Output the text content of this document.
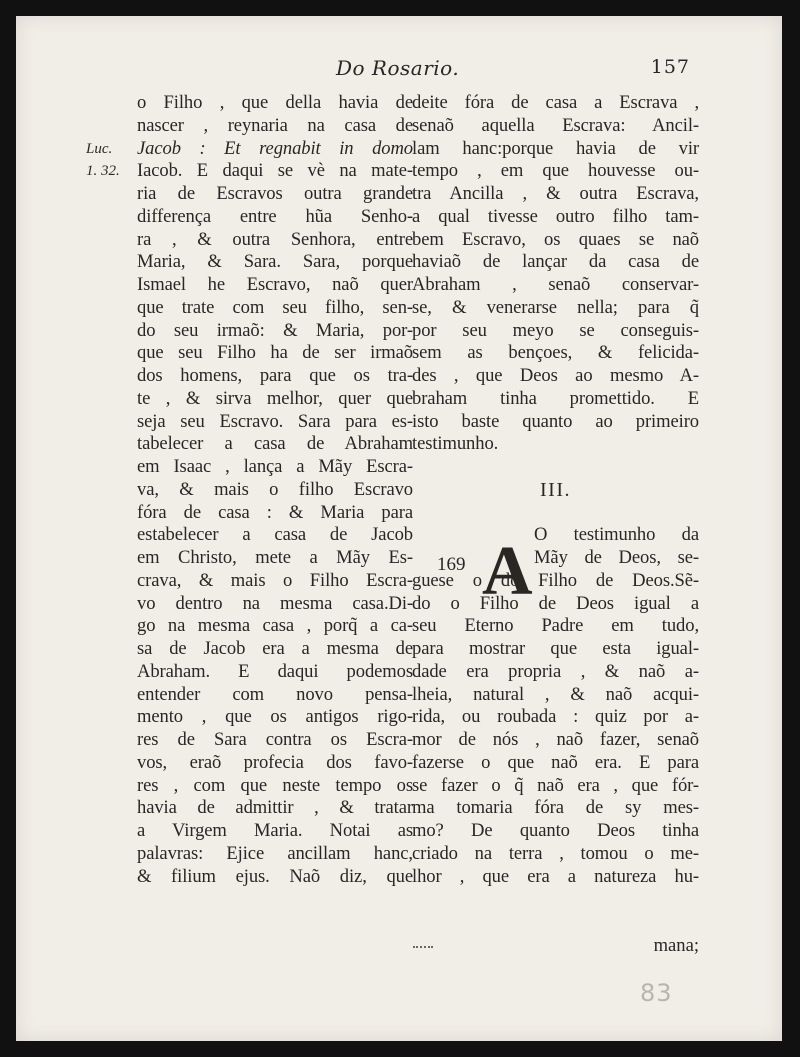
Do Rosario.	157
Luc.
1. 32.
o Filho , que della havia de
nascer , reynaria na casa de
Jacob : Et regnabit in domo
Iacob. E daqui se vè na mate-
ria de Escravos outra grande
differença entre hũa Senho-
ra , & outra Senhora, entre
Maria, & Sara. Sara, porque
Ismael he Escravo, naõ quer
que trate com seu filho, sen-
do seu irmaõ: & Maria, por-
que seu Filho ha de ser irmaõ
dos homens, para que os tra-
te , & sirva melhor, quer que
seja seu Escravo. Sara para es-
tabelecer a casa de Abraham
em Isaac , lança a Mãy Escra-
va, & mais o filho Escravo
fóra de casa : & Maria para
estabelecer a casa de Jacob
em Christo, mete a Mãy Es-
crava, & mais o Filho Escra-
vo dentro na mesma casa.Di-
go na mesma casa , porq̃ a ca-
sa de Jacob era a mesma de
Abraham. E daqui podemos
entender com novo pensa-
mento , que os antigos rigo-
res de Sara contra os Escra-
vos, eraõ profecia dos favo-
res , com que neste tempo os
havia de admittir , & tratar
a Virgem Maria. Notai as
palavras: Ejice ancillam hanc,
& filium ejus. Naõ diz, que
deite fóra de casa a Escrava ,
senaõ aquella Escrava: Ancil-
lam hanc:porque havia de vir
tempo , em que houvesse ou-
tra Ancilla , & outra Escrava,
a qual tivesse outro filho tam-
bem Escravo, os quaes se naõ
haviaõ de lançar da casa de
Abraham , senaõ conservar-
se, & venerarse nella; para q̃
por seu meyo se conseguis-
sem as bençoes, & felicida-
des , que Deos ao mesmo A-
braham tinha promettido. E
isto baste quanto ao primeiro
testimunho.
III.
O testimunho da
Mãy de Deos, se-
guese o do Filho de Deos.Sẽ-
do o Filho de Deos igual a
seu Eterno Padre em tudo,
para mostrar que esta igual-
dade era propria , & naõ a-
lheia, natural , & naõ acqui-
rida, ou roubada : quiz por a-
mor de nós , naõ fazer, senaõ
fazerse o que naõ era. E para
se fazer o q̃ naõ era , que fór-
ma tomaria fóra de sy mes-
mo? De quanto Deos tinha
criado na terra , tomou o me-
lhor , que era a natureza hu-
169 A
mana;
83
